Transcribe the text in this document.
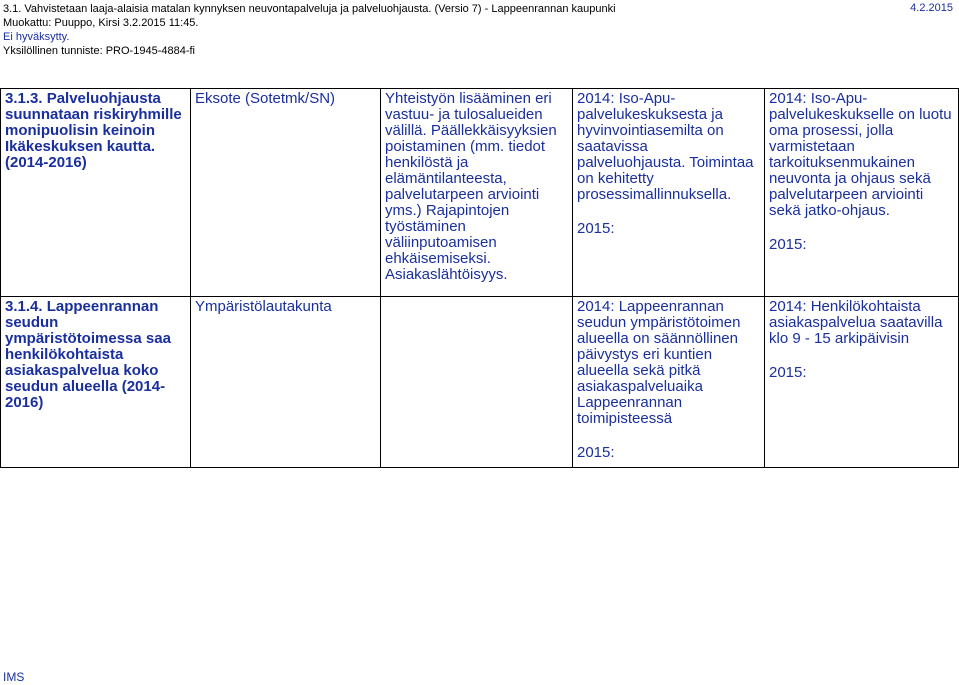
3.1. Vahvistetaan laaja-alaisia matalan kynnyksen neuvontapalveluja ja palveluohjausta. (Versio 7) - Lappeenrannan kaupunki	4.2.2015
Muokattu: Puuppo, Kirsi 3.2.2015 11:45.
Ei hyväksytty.
Yksilöllinen tunniste: PRO-1945-4884-fi
3.1.3. Palveluohjausta suunnataan riskiryhmille monipuolisin keinoin Ikäkeskuksen kautta. (2014-2016)	Eksote (Sotetmk/SN)	Yhteistyön lisääminen eri vastuu- ja tulosalueiden välillä. Päällekkäisyyksien poistaminen (mm. tiedot henkilöstä ja elämäntilanteesta, palvelutarpeen arviointi yms.) Rajapintojen työstäminen väliinputoamisen ehkäisemiseksi. Asiakaslähtöisyys.	2014: Iso-Apu-palvelukeskuksesta ja hyvinvointiasemilta on saatavissa palveluohjausta. Toimintaa on kehitetty prosessimallinnuksella.
2015:	2014: Iso-Apu-palvelukeskukselle on luotu oma prosessi, jolla varmistetaan tarkoituksenmukainen neuvonta ja ohjaus sekä palvelutarpeen arviointi sekä jatko-ohjaus.
2015:

3.1.4. Lappeenrannan seudun ympäristötoimessa saa henkilökohtaista asiakaspalvelua koko seudun alueella (2014-2016)	Ympäristölautakunta		2014: Lappeenrannan seudun ympäristötoimen alueella on säännöllinen päivystys eri kuntien alueella sekä pitkä asiakaspalveluaika Lappeenrannan toimipisteessä
2015:	2014: Henkilökohtaista asiakaspalvelua saatavilla klo 9 - 15 arkipäivisin
2015:
IMS
